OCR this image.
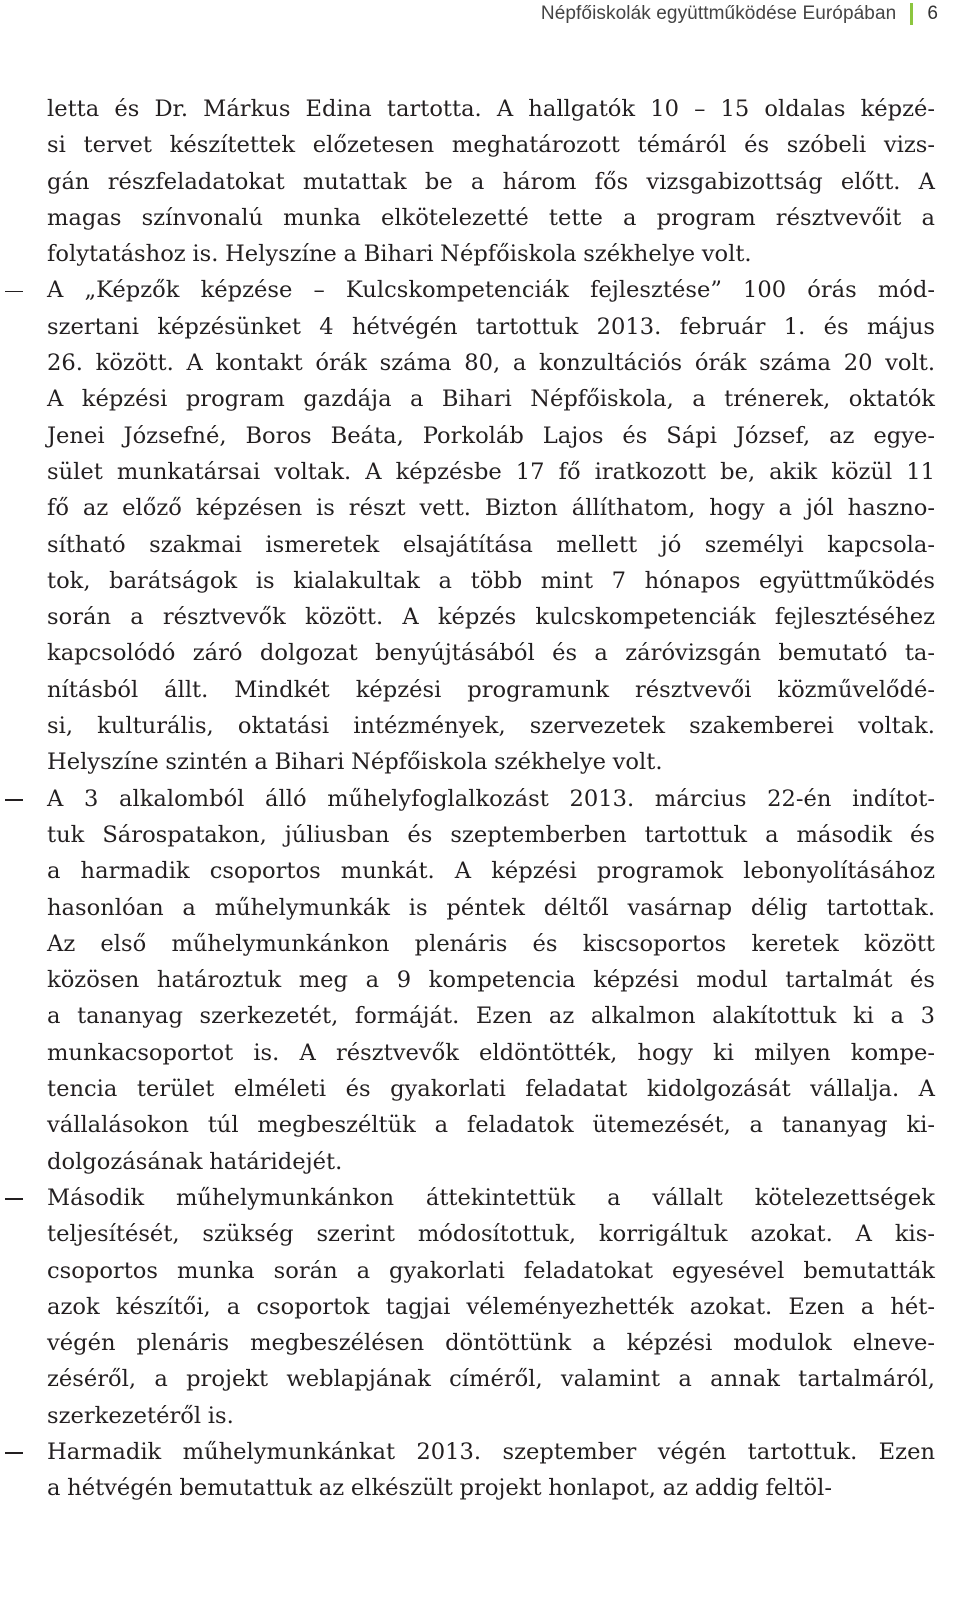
Népfőiskolák együttműködése Európában 6
letta és Dr. Márkus Edina tartotta. A hallgatók 10 – 15 oldalas képzé-
si tervet készítettek előzetesen meghatározott témáról és szóbeli vizs-
gán részfeladatokat mutattak be a három fős vizsgabizottság előtt. A
magas színvonalú munka elkötelezetté tette a program résztvevőit a
folytatáshoz is. Helyszíne a Bihari Népfőiskola székhelye volt.
A „Képzők képzése – Kulcskompetenciák fejlesztése” 100 órás mód-
szertani képzésünket 4 hétvégén tartottuk 2013. február 1. és május
26. között. A kontakt órák száma 80, a konzultációs órák száma 20 volt.
A képzési program gazdája a Bihari Népfőiskola, a trénerek, oktatók
Jenei Józsefné, Boros Beáta, Porkoláb Lajos és Sápi József, az egye-
sület munkatársai voltak. A képzésbe 17 fő iratkozott be, akik közül 11
fő az előző képzésen is részt vett. Bizton állíthatom, hogy a jól haszno-
sítható szakmai ismeretek elsajátítása mellett jó személyi kapcsola-
tok, barátságok is kialakultak a több mint 7 hónapos együttműködés
során a résztvevők között. A képzés kulcskompetenciák fejlesztéséhez
kapcsolódó záró dolgozat benyújtásából és a záróvizsgán bemutató ta-
nításból állt. Mindkét képzési programunk résztvevői közművelődé-
si, kulturális, oktatási intézmények, szervezetek szakemberei voltak.
Helyszíne szintén a Bihari Népfőiskola székhelye volt.
A 3 alkalomból álló műhelyfoglalkozást 2013. március 22-én indítot-
tuk Sárospatakon, júliusban és szeptemberben tartottuk a második és
a harmadik csoportos munkát. A képzési programok lebonyolításához
hasonlóan a műhelymunkák is péntek déltől vasárnap délig tartottak.
Az első műhelymunkánkon plenáris és kiscsoportos keretek között
közösen határoztuk meg a 9 kompetencia képzési modul tartalmát és
a tananyag szerkezetét, formáját. Ezen az alkalmon alakítottuk ki a 3
munkacsoportot is. A résztvevők eldöntötték, hogy ki milyen kompe-
tencia terület elméleti és gyakorlati feladatat kidolgozását vállalja. A
vállalásokon túl megbeszéltük a feladatok ütemezését, a tananyag ki-
dolgozásának határidejét.
Második műhelymunkánkon áttekintettük a vállalt kötelezettségek
teljesítését, szükség szerint módosítottuk, korrigáltuk azokat. A kis-
csoportos munka során a gyakorlati feladatokat egyesével bemutatták
azok készítői, a csoportok tagjai véleményezhették azokat. Ezen a hét-
végén plenáris megbeszélésen döntöttünk a képzési modulok elneve-
zéséről, a projekt weblapjának címéről, valamint a annak tartalmáról,
szerkezetéről is.
Harmadik műhelymunkánkat 2013. szeptember végén tartottuk. Ezen
a hétvégén bemutattuk az elkészült projekt honlapot, az addig feltöl-
